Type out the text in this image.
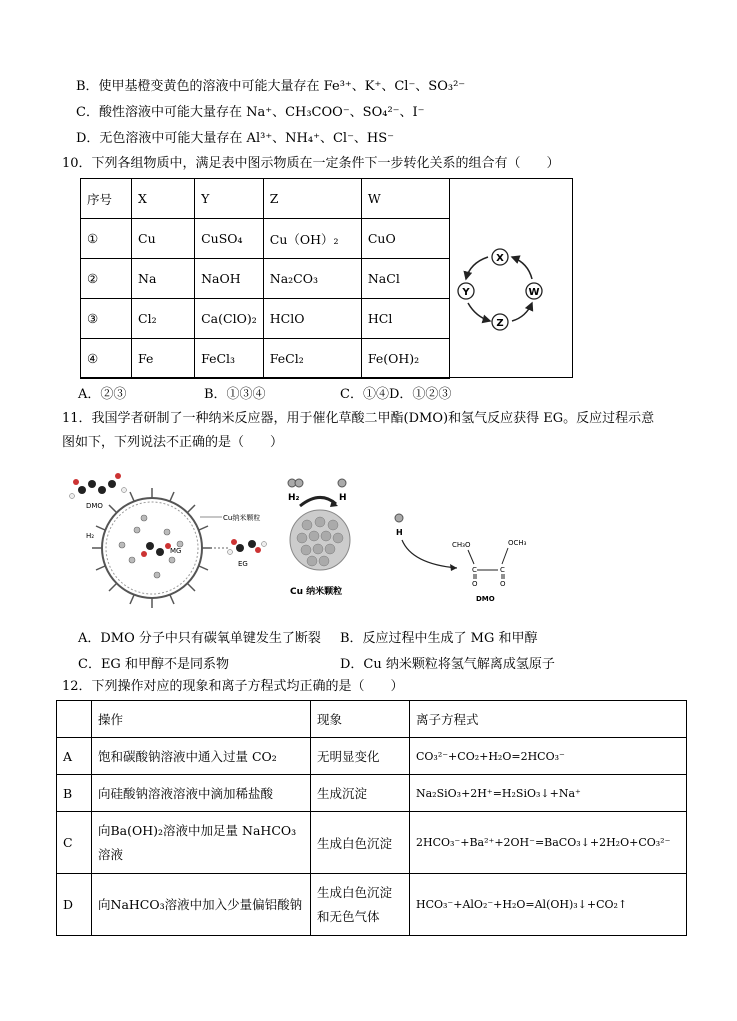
B．使甲基橙变黄色的溶液中可能大量存在 Fe³⁺、K⁺、Cl⁻、SO₃²⁻
C．酸性溶液中可能大量存在 Na⁺、CH₃COO⁻、SO₄²⁻、I⁻
D．无色溶液中可能大量存在 Al³⁺、NH₄⁺、Cl⁻、HS⁻
10．下列各组物质中，满足表中图示物质在一定条件下一步转化关系的组合有（　　）
序号	X	Y	Z	W
①	Cu	CuSO₄	Cu（OH）₂	CuO
②	Na	NaOH	Na₂CO₃	NaCl
③	Cl₂	Ca(ClO)₂	HClO	HCl
④	Fe	FeCl₃	FeCl₂	Fe(OH)₂
X
W
Z
Y
A．②③	B．①③④	C．①④D．①②③
11．我国学者研制了一种纳米反应器，用于催化草酸二甲酯(DMO)和氢气反应获得 EG。反应过程示意
图如下，下列说法不正确的是（　　）
MG
DMO
H₂
Cu纳米颗粒
EG
H₂	H
Cu 纳米颗粒
H
CH₃O	OCH₃
C	C
O	O
DMO
A．DMO 分子中只有碳氧单键发生了断裂 B．反应过程中生成了 MG 和甲醇
C．EG 和甲醇不是同系物	D．Cu 纳米颗粒将氢气解离成氢原子
12．下列操作对应的现象和离子方程式均正确的是（　　）
	操作	现象	离子方程式
A	饱和碳酸钠溶液中通入过量 CO₂	无明显变化	CO₃²⁻+CO₂+H₂O=2HCO₃⁻
B	向硅酸钠溶液溶液中滴加稀盐酸	生成沉淀	Na₂SiO₃+2H⁺=H₂SiO₃↓+Na⁺
C	向Ba(OH)₂溶液中加足量 NaHCO₃ 溶液	生成白色沉淀	2HCO₃⁻+Ba²⁺+2OH⁻=BaCO₃↓+2H₂O+CO₃²⁻
D	向NaHCO₃溶液中加入少量偏铝酸钠	生成白色沉淀和无色气体	HCO₃⁻+AlO₂⁻+H₂O=Al(OH)₃↓+CO₂↑
